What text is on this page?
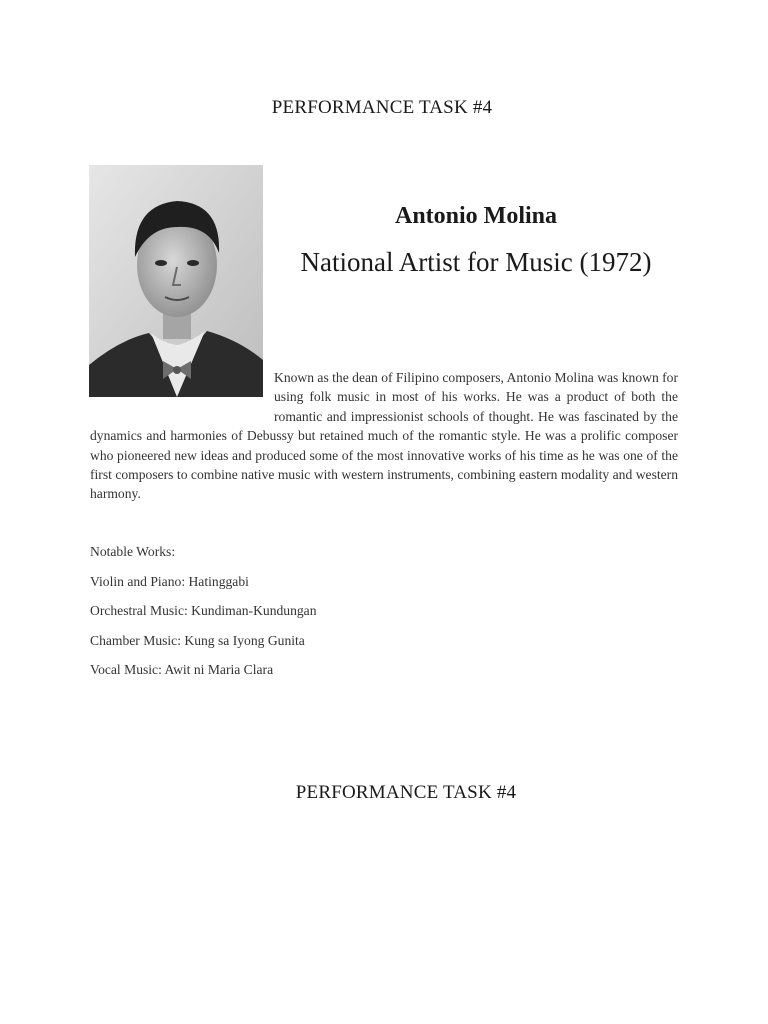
PERFORMANCE TASK #4
Antonio Molina
National Artist for Music (1972)
Known as the dean of Filipino composers, Antonio Molina was known for using folk music in most of his works. He was a product of both the romantic and impressionist schools of thought. He was fascinated by the dynamics and harmonies of Debussy but retained much of the romantic style. He was a prolific composer who pioneered new ideas and produced some of the most innovative works of his time as he was one of the first composers to combine native music with western instruments, combining eastern modality and western harmony.
Notable Works:
Violin and Piano: Hatinggabi
Orchestral Music: Kundiman-Kundungan
Chamber Music: Kung sa Iyong Gunita
Vocal Music: Awit ni Maria Clara
PERFORMANCE TASK #4
